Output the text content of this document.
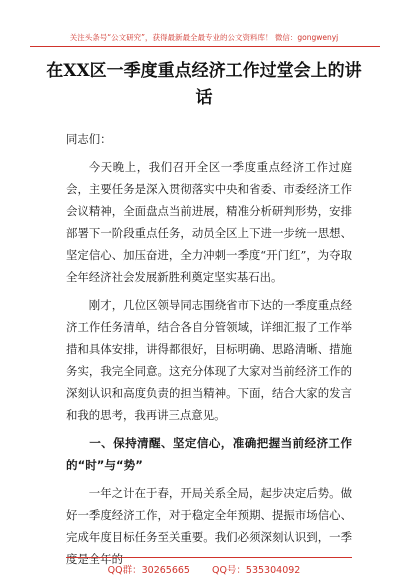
关注头条号“公文研究”，获得最新最全最专业的公文资料库！ 微信：gongwenyj
在XX区一季度重点经济工作过堂会上的讲话

同志们：

今天晚上，我们召开全区一季度重点经济工作过庭会，主要任务是深入贯彻落实中央和省委、市委经济工作会议精神，全面盘点当前进展，精准分析研判形势，安排部署下一阶段重点任务，动员全区上下进一步统一思想、坚定信心、加压奋进，全力冲刺一季度“开门红”，为夺取全年经济社会发展新胜利奠定坚实基石出。

刚才，几位区领导同志围绕省市下达的一季度重点经济工作任务清单，结合各自分管领域，详细汇报了工作举措和具体安排，讲得都很好，目标明确、思路清晰、措施务实，我完全同意。这充分体现了大家对当前经济工作的深刻认识和高度负责的担当精神。下面，结合大家的发言和我的思考，我再讲三点意见。

一、保持清醒、坚定信心，准确把握当前经济工作的“时”与“势”

一年之计在于春，开局关系全局，起步决定后势。做好一季度经济工作，对于稳定全年预期、提振市场信心、完成年度目标任务至关重要。我们必须深刻认识到，一季度是全年的

QQ群：30265665 QQ号：535304092
